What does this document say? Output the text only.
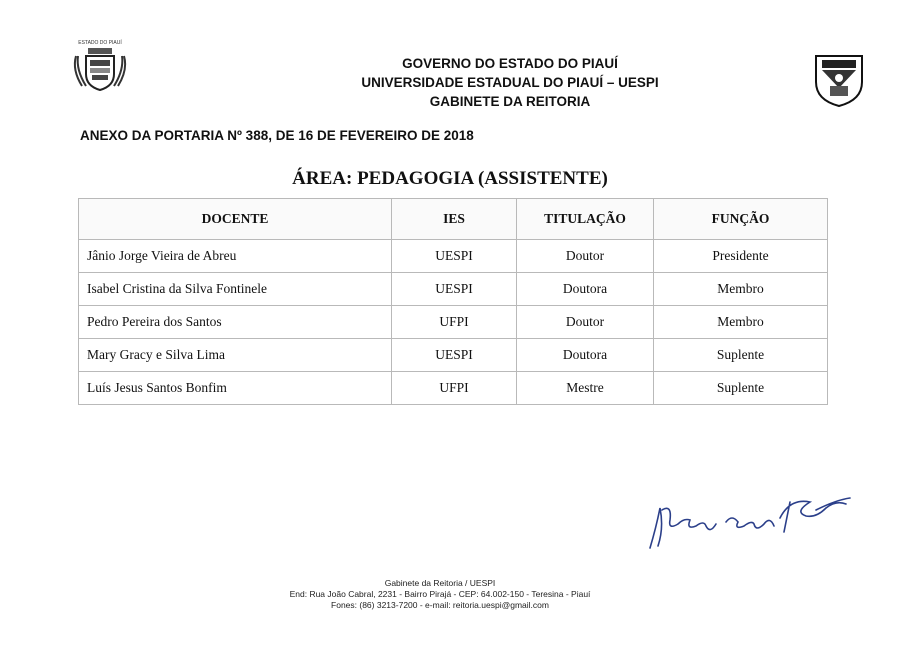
ESTADO DO PIAUÍ
GOVERNO DO ESTADO DO PIAUÍ
UNIVERSIDADE ESTADUAL DO PIAUÍ – UESPI
GABINETE DA REITORIA
ANEXO DA PORTARIA Nº 388, DE 16 DE FEVEREIRO DE 2018
ÁREA: PEDAGOGIA (ASSISTENTE)
DOCENTE	IES	TITULAÇÃO	FUNÇÃO
Jânio Jorge Vieira de Abreu	UESPI	Doutor	Presidente
Isabel Cristina da Silva Fontinele	UESPI	Doutora	Membro
Pedro Pereira dos Santos	UFPI	Doutor	Membro
Mary Gracy e Silva Lima	UESPI	Doutora	Suplente
Luís Jesus Santos Bonfim	UFPI	Mestre	Suplente
Gabinete da Reitoria / UESPI
End: Rua João Cabral, 2231 - Bairro Pirajá - CEP: 64.002-150 - Teresina - Piauí
Fones: (86) 3213-7200 - e-mail: reitoria.uespi@gmail.com
